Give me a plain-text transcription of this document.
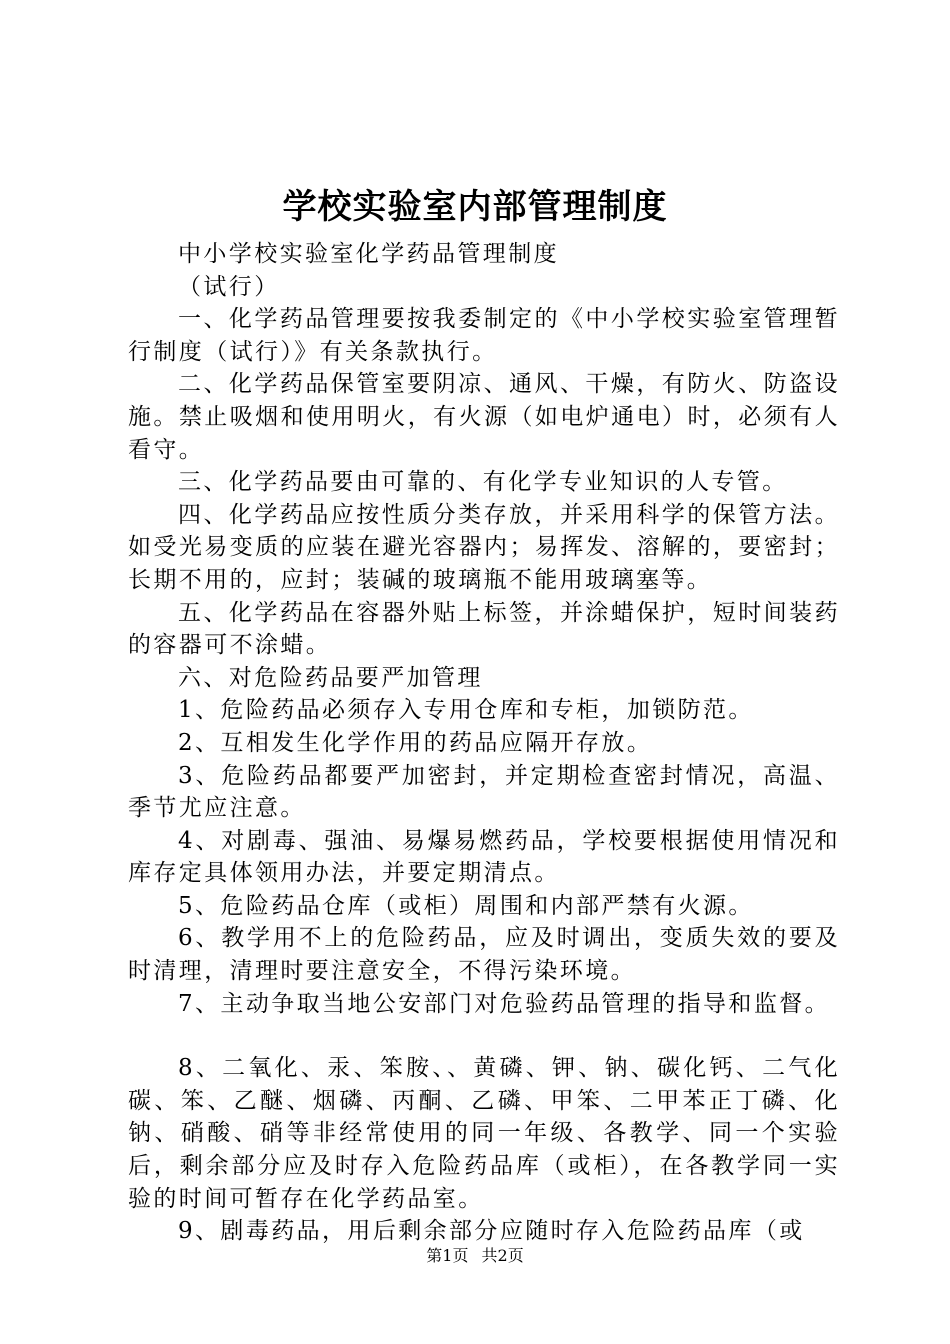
学校实验室内部管理制度

中小学校实验室化学药品管理制度

（试行）

一、化学药品管理要按我委制定的《中小学校实验室管理暂行制度（试行）》有关条款执行。

二、化学药品保管室要阴凉、通风、干燥，有防火、防盗设施。禁止吸烟和使用明火，有火源（如电炉通电）时，必须有人看守。

三、化学药品要由可靠的、有化学专业知识的人专管。

四、化学药品应按性质分类存放，并采用科学的保管方法。如受光易变质的应装在避光容器内；易挥发、溶解的，要密封；长期不用的，应封；装碱的玻璃瓶不能用玻璃塞等。

五、化学药品在容器外贴上标签，并涂蜡保护，短时间装药的容器可不涂蜡。

六、对危险药品要严加管理

1、危险药品必须存入专用仓库和专柜，加锁防范。

2、互相发生化学作用的药品应隔开存放。

3、危险药品都要严加密封，并定期检查密封情况，高温、季节尤应注意。

4、对剧毒、强油、易爆易燃药品，学校要根据使用情况和库存定具体领用办法，并要定期清点。

5、危险药品仓库（或柜）周围和内部严禁有火源。

6、教学用不上的危险药品，应及时调出，变质失效的要及时清理，清理时要注意安全，不得污染环境。

7、主动争取当地公安部门对危验药品管理的指导和监督。

8、二氧化、汞、笨胺、、黄磷、钾、钠、碳化钙、二气化碳、笨、乙醚、烟磷、丙酮、乙磷、甲笨、二甲苯正丁磷、化钠、硝酸、硝等非经常使用的同一年级、各教学、同一个实验后，剩余部分应及时存入危险药品库（或柜），在各教学同一实验的时间可暂存在化学药品室。

9、剧毒药品，用后剩余部分应随时存入危险药品库（或

第1页 共2页
